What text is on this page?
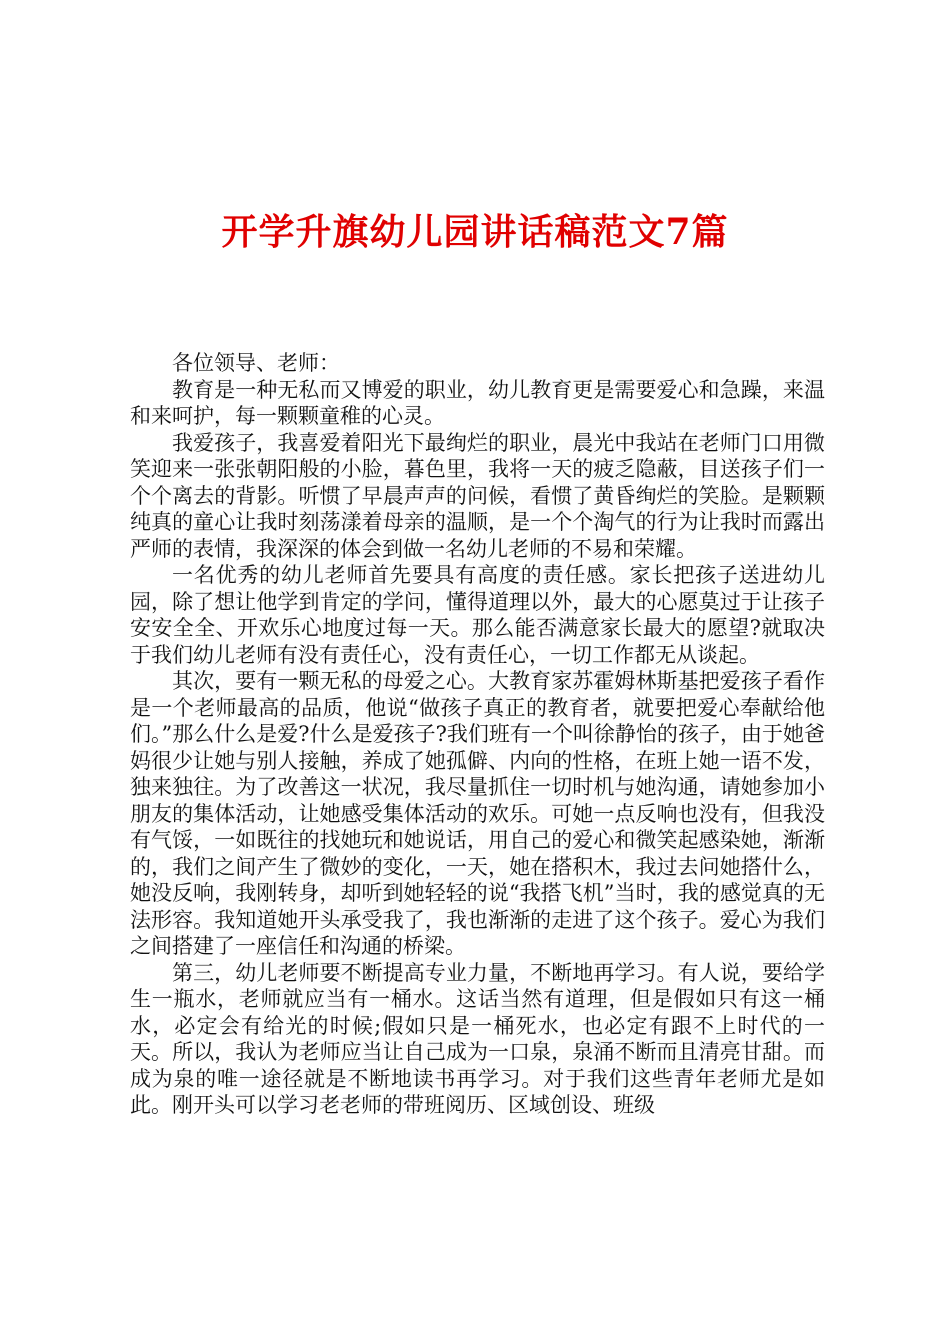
开学升旗幼儿园讲话稿范文7篇

各位领导、老师：

教育是一种无私而又博爱的职业，幼儿教育更是需要爱心和急躁，来温和来呵护，每一颗颗童稚的心灵。

我爱孩子，我喜爱着阳光下最绚烂的职业，晨光中我站在老师门口用微笑迎来一张张朝阳般的小脸，暮色里，我将一天的疲乏隐蔽，目送孩子们一个个离去的背影。听惯了早晨声声的问候，看惯了黄昏绚烂的笑脸。是颗颗纯真的童心让我时刻荡漾着母亲的温顺，是一个个淘气的行为让我时而露出严师的表情，我深深的体会到做一名幼儿老师的不易和荣耀。

一名优秀的幼儿老师首先要具有高度的责任感。家长把孩子送进幼儿园，除了想让他学到肯定的学问，懂得道理以外，最大的心愿莫过于让孩子安安全全、开欢乐心地度过每一天。那么能否满意家长最大的愿望?就取决于我们幼儿老师有没有责任心，没有责任心，一切工作都无从谈起。

其次，要有一颗无私的母爱之心。大教育家苏霍姆林斯基把爱孩子看作是一个老师最高的品质，他说“做孩子真正的教育者，就要把爱心奉献给他们。”那么什么是爱?什么是爱孩子?我们班有一个叫徐静怡的孩子，由于她爸妈很少让她与别人接触，养成了她孤僻、内向的性格，在班上她一语不发，独来独往。为了改善这一状况，我尽量抓住一切时机与她沟通，请她参加小朋友的集体活动，让她感受集体活动的欢乐。可她一点反响也没有，但我没有气馁，一如既往的找她玩和她说话，用自己的爱心和微笑起感染她，渐渐的，我们之间产生了微妙的变化，一天，她在搭积木，我过去问她搭什么，她没反响，我刚转身，却听到她轻轻的说“我搭飞机”当时，我的感觉真的无法形容。我知道她开头承受我了，我也渐渐的走进了这个孩子。爱心为我们之间搭建了一座信任和沟通的桥梁。

第三，幼儿老师要不断提高专业力量，不断地再学习。有人说，要给学生一瓶水，老师就应当有一桶水。这话当然有道理，但是假如只有这一桶水，必定会有给光的时候;假如只是一桶死水，也必定有跟不上时代的一天。所以，我认为老师应当让自己成为一口泉，泉涌不断而且清亮甘甜。而成为泉的唯一途径就是不断地读书再学习。对于我们这些青年老师尤是如此。刚开头可以学习老老师的带班阅历、区域创设、班级
